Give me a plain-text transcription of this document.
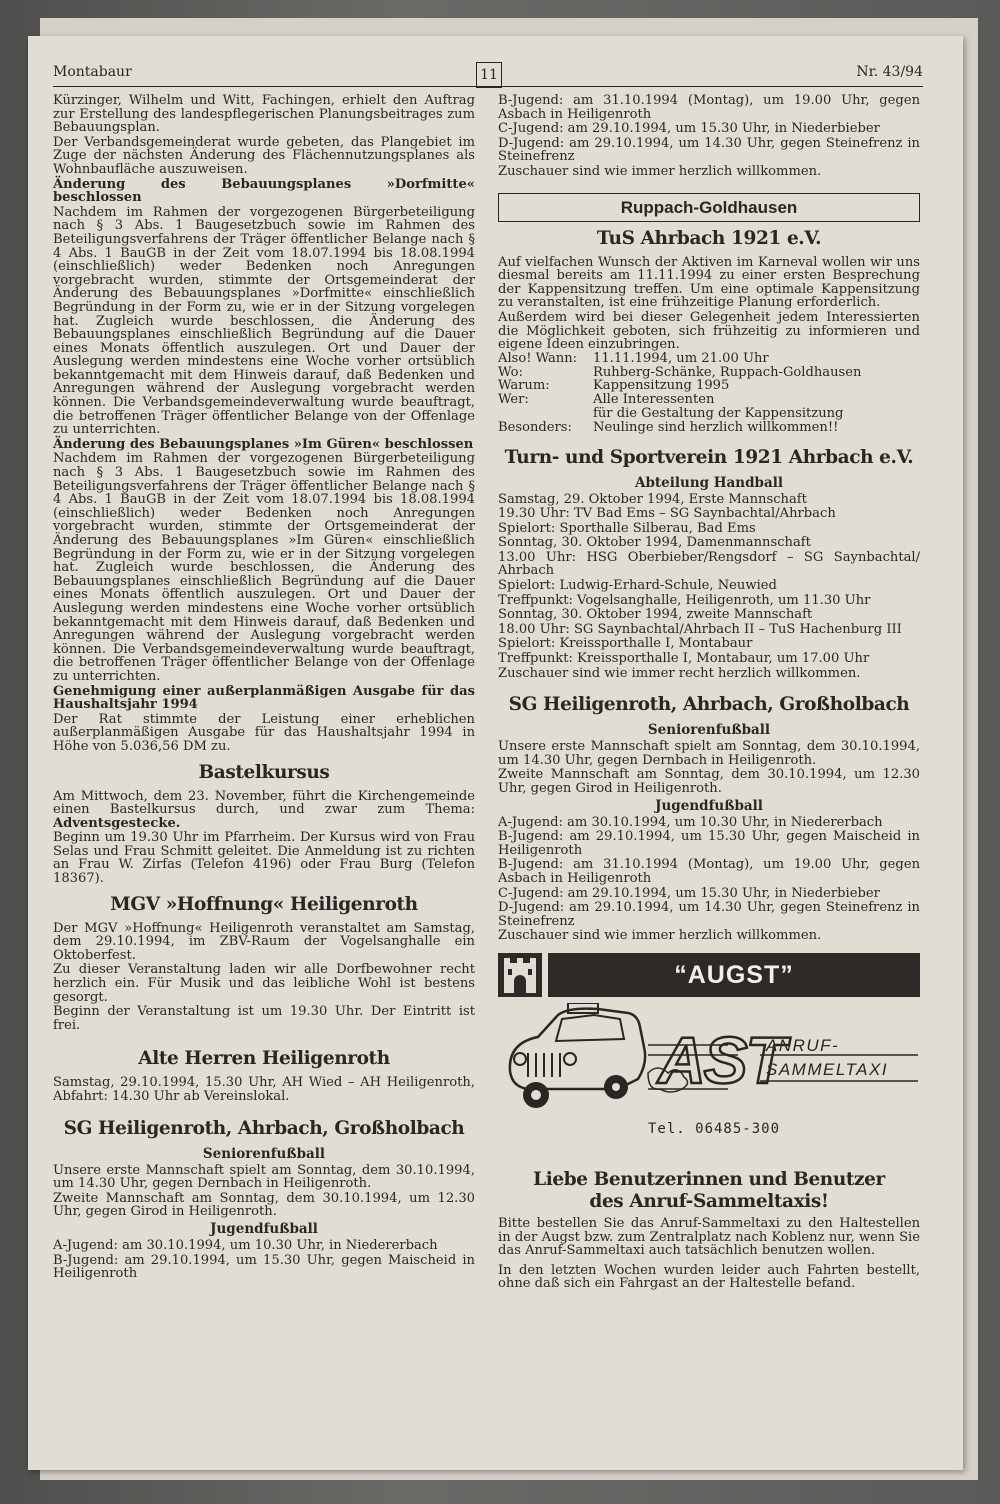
Montabaur	11	Nr. 43/94

Kürzinger, Wilhelm und Witt, Fachingen, erhielt den Auftrag zur Erstellung des landespflegerischen Planungsbeitrages zum Bebauungsplan.

Der Verbandsgemeinderat wurde gebeten, das Plangebiet im Zuge der nächsten Änderung des Flächennutzungsplanes als Wohnbaufläche auszuweisen.

Änderung des Bebauungsplanes »Dorfmitte« beschlossen

Nachdem im Rahmen der vorgezogenen Bürgerbeteiligung nach § 3 Abs. 1 Baugesetzbuch sowie im Rahmen des Beteiligungsverfahrens der Träger öffentlicher Belange nach § 4 Abs. 1 BauGB in der Zeit vom 18.07.1994 bis 18.08.1994 (einschließlich) weder Bedenken noch Anregungen vorgebracht wurden, stimmte der Ortsgemeinderat der Änderung des Bebauungsplanes »Dorfmitte« einschließlich Begründung in der Form zu, wie er in der Sitzung vorgelegen hat. Zugleich wurde beschlossen, die Änderung des Bebauungsplanes einschließlich Begründung auf die Dauer eines Monats öffentlich auszulegen. Ort und Dauer der Auslegung werden mindestens eine Woche vorher ortsüblich bekanntgemacht mit dem Hinweis darauf, daß Bedenken und Anregungen während der Auslegung vorgebracht werden können. Die Verbandsgemeindeverwaltung wurde beauftragt, die betroffenen Träger öffentlicher Belange von der Offenlage zu unterrichten.

Änderung des Bebauungsplanes »Im Güren« beschlossen

Nachdem im Rahmen der vorgezogenen Bürgerbeteiligung nach § 3 Abs. 1 Baugesetzbuch sowie im Rahmen des Beteiligungsverfahrens der Träger öffentlicher Belange nach § 4 Abs. 1 BauGB in der Zeit vom 18.07.1994 bis 18.08.1994 (einschließlich) weder Bedenken noch Anregungen vorgebracht wurden, stimmte der Ortsgemeinderat der Änderung des Bebauungsplanes »Im Güren« einschließlich Begründung in der Form zu, wie er in der Sitzung vorgelegen hat. Zugleich wurde beschlossen, die Änderung des Bebauungsplanes einschließlich Begründung auf die Dauer eines Monats öffentlich auszulegen. Ort und Dauer der Auslegung werden mindestens eine Woche vorher ortsüblich bekanntgemacht mit dem Hinweis darauf, daß Bedenken und Anregungen während der Auslegung vorgebracht werden können. Die Verbandsgemeindeverwaltung wurde beauftragt, die betroffenen Träger öffentlicher Belange von der Offenlage zu unterrichten.

Genehmigung einer außerplanmäßigen Ausgabe für das Haushaltsjahr 1994

Der Rat stimmte der Leistung einer erheblichen außerplanmäßigen Ausgabe für das Haushaltsjahr 1994 in Höhe von 5.036,56 DM zu.

Bastelkursus

Am Mittwoch, dem 23. November, führt die Kirchengemeinde einen Bastelkursus durch, und zwar zum Thema: Adventsgestecke.

Beginn um 19.30 Uhr im Pfarrheim. Der Kursus wird von Frau Selas und Frau Schmitt geleitet. Die Anmeldung ist zu richten an Frau W. Zirfas (Telefon 4196) oder Frau Burg (Telefon 18367).

MGV »Hoffnung« Heiligenroth

Der MGV »Hoffnung« Heiligenroth veranstaltet am Samstag, dem 29.10.1994, im ZBV-Raum der Vogelsanghalle ein Oktoberfest.

Zu dieser Veranstaltung laden wir alle Dorfbewohner recht herzlich ein. Für Musik und das leibliche Wohl ist bestens gesorgt.

Beginn der Veranstaltung ist um 19.30 Uhr. Der Eintritt ist frei.

Alte Herren Heiligenroth

Samstag, 29.10.1994, 15.30 Uhr, AH Wied – AH Heiligenroth, Abfahrt: 14.30 Uhr ab Vereinslokal.

SG Heiligenroth, Ahrbach, Großholbach
Seniorenfußball

Unsere erste Mannschaft spielt am Sonntag, dem 30.10.1994, um 14.30 Uhr, gegen Dernbach in Heiligenroth.

Zweite Mannschaft am Sonntag, dem 30.10.1994, um 12.30 Uhr, gegen Girod in Heiligenroth.

Jugendfußball

A-Jugend: am 30.10.1994, um 10.30 Uhr, in Niedererbach

B-Jugend: am 29.10.1994, um 15.30 Uhr, gegen Maischeid in Heiligenroth

B-Jugend: am 31.10.1994 (Montag), um 19.00 Uhr, gegen Asbach in Heiligenroth

C-Jugend: am 29.10.1994, um 15.30 Uhr, in Niederbieber

D-Jugend: am 29.10.1994, um 14.30 Uhr, gegen Steinefrenz in Steinefrenz

Zuschauer sind wie immer herzlich willkommen.

Ruppach-Goldhausen
TuS Ahrbach 1921 e.V.

Auf vielfachen Wunsch der Aktiven im Karneval wollen wir uns diesmal bereits am 11.11.1994 zu einer ersten Besprechung der Kappensitzung treffen. Um eine optimale Kappensitzung zu veranstalten, ist eine frühzeitige Planung erforderlich.

Außerdem wird bei dieser Gelegenheit jedem Interessierten die Möglichkeit geboten, sich frühzeitig zu informieren und eigene Ideen einzubringen.

Also! Wann:	11.11.1994, um 21.00 Uhr
Wo:	Ruhberg-Schänke, Ruppach-Goldhausen
Warum:	Kappensitzung 1995
Wer:	Alle Interessenten
für die Gestaltung der Kappensitzung
Besonders:	Neulinge sind herzlich willkommen!!
Turn- und Sportverein 1921 Ahrbach e.V.
Abteilung Handball

Samstag, 29. Oktober 1994, Erste Mannschaft

19.30 Uhr: TV Bad Ems – SG Saynbachtal/Ahrbach

Spielort: Sporthalle Silberau, Bad Ems

Sonntag, 30. Oktober 1994, Damenmannschaft

13.00 Uhr: HSG Oberbieber/Rengsdorf – SG Saynbachtal/ Ahrbach

Spielort: Ludwig-Erhard-Schule, Neuwied

Treffpunkt: Vogelsanghalle, Heiligenroth, um 11.30 Uhr

Sonntag, 30. Oktober 1994, zweite Mannschaft

18.00 Uhr: SG Saynbachtal/Ahrbach II – TuS Hachenburg III

Spielort: Kreissporthalle I, Montabaur

Treffpunkt: Kreissporthalle I, Montabaur, um 17.00 Uhr

Zuschauer sind wie immer recht herzlich willkommen.

SG Heiligenroth, Ahrbach, Großholbach
Seniorenfußball

Unsere erste Mannschaft spielt am Sonntag, dem 30.10.1994, um 14.30 Uhr, gegen Dernbach in Heiligenroth.

Zweite Mannschaft am Sonntag, dem 30.10.1994, um 12.30 Uhr, gegen Girod in Heiligenroth.

Jugendfußball

A-Jugend: am 30.10.1994, um 10.30 Uhr, in Niedererbach

B-Jugend: am 29.10.1994, um 15.30 Uhr, gegen Maischeid in Heiligenroth

B-Jugend: am 31.10.1994 (Montag), um 19.00 Uhr, gegen Asbach in Heiligenroth

C-Jugend: am 29.10.1994, um 15.30 Uhr, in Niederbieber

D-Jugend: am 29.10.1994, um 14.30 Uhr, gegen Steinefrenz in Steinefrenz

Zuschauer sind wie immer herzlich willkommen.

“AUGST”
AST
ANRUF-
SAMMELTAXI
Tel. 06485-300
Liebe Benutzerinnen und Benutzer
des Anruf-Sammeltaxis!

Bitte bestellen Sie das Anruf-Sammeltaxi zu den Haltestellen in der Augst bzw. zum Zentralplatz nach Koblenz nur, wenn Sie das Anruf-Sammeltaxi auch tatsächlich benutzen wollen.

In den letzten Wochen wurden leider auch Fahrten bestellt, ohne daß sich ein Fahrgast an der Haltestelle befand.
